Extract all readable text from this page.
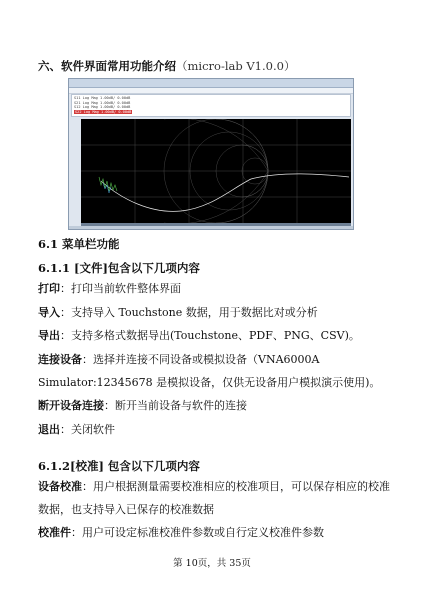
六、软件界面常用功能介绍（micro-lab V1.0.0）
S11 Log Mag 1.00dB/ 0.00dB
S21 Log Mag 1.00dB/ 0.00dB
S12 Log Mag 1.00dB/ 0.00dB
S22 Log Mag 1.00dB/ 0.00dB
6.1 菜单栏功能
6.1.1 [文件]包含以下几项内容
打印：打印当前软件整体界面
导入：支持导入 Touchstone 数据，用于数据比对或分析
导出：支持多格式数据导出(Touchstone、PDF、PNG、CSV)。
连接设备：选择并连接不同设备或模拟设备（VNA6000A
Simulator:12345678 是模拟设备，仅供无设备用户模拟演示使用)。
断开设备连接：断开当前设备与软件的连接
退出：关闭软件
6.1.2[校准] 包含以下几项内容
设备校准：用户根据测量需要校准相应的校准项目，可以保存相应的校准
数据，也支持导入已保存的校准数据
校准件：用户可设定标准校准件参数或自行定义校准件参数
第 10页，共 35页
